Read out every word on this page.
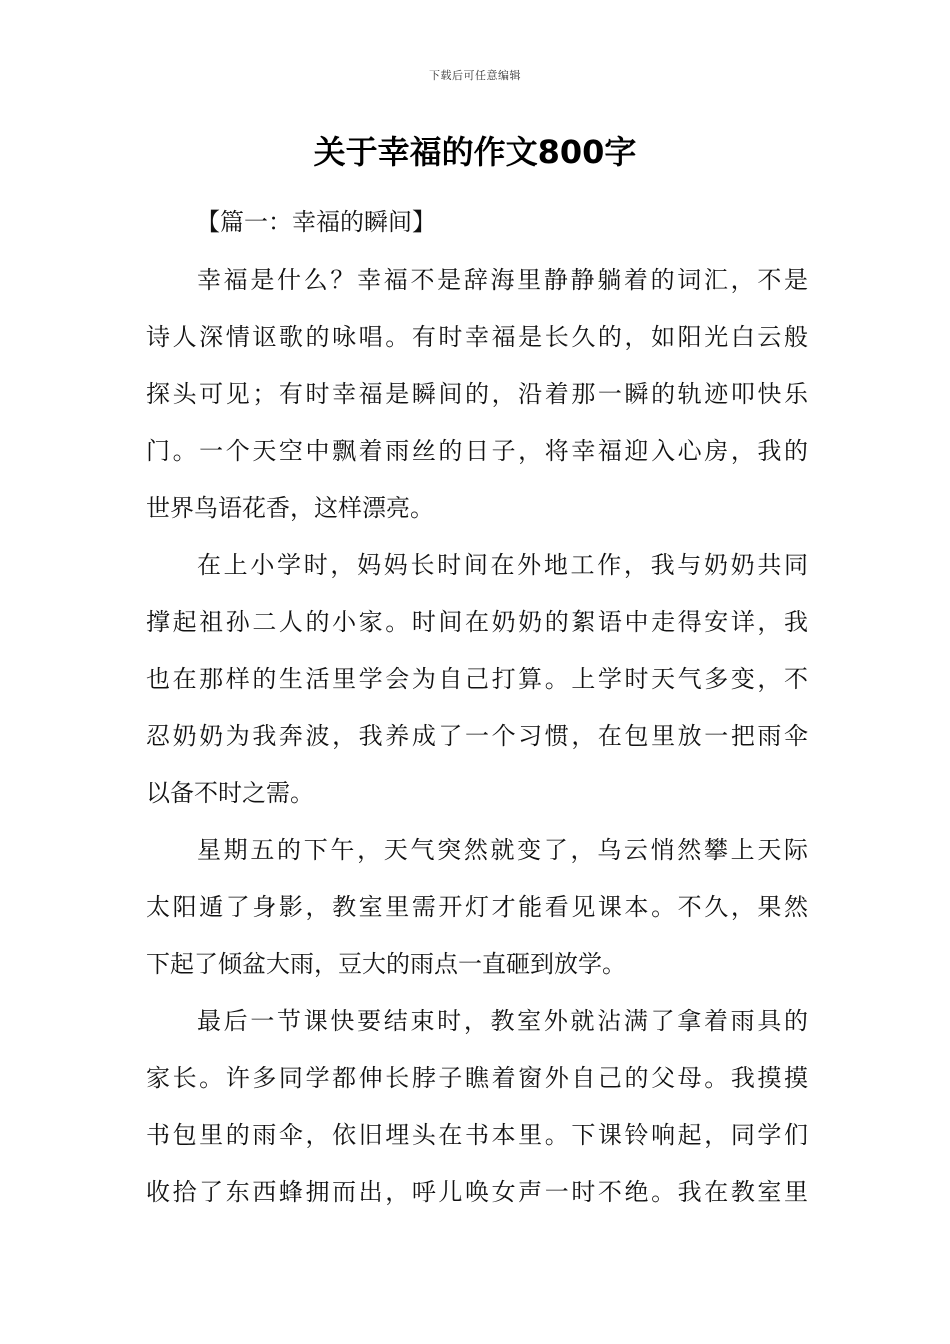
下载后可任意编辑
关于幸福的作文800字
【篇一：幸福的瞬间】
幸福是什么？幸福不是辞海里静静躺着的词汇，不是
诗人深情讴歌的咏唱。有时幸福是长久的，如阳光白云般
探头可见；有时幸福是瞬间的，沿着那一瞬的轨迹叩快乐
门。一个天空中飘着雨丝的日子，将幸福迎入心房，我的
世界鸟语花香，这样漂亮。
在上小学时，妈妈长时间在外地工作，我与奶奶共同
撑起祖孙二人的小家。时间在奶奶的絮语中走得安详，我
也在那样的生活里学会为自己打算。上学时天气多变，不
忍奶奶为我奔波，我养成了一个习惯，在包里放一把雨伞
以备不时之需。
星期五的下午，天气突然就变了，乌云悄然攀上天际
太阳遁了身影，教室里需开灯才能看见课本。不久，果然
下起了倾盆大雨，豆大的雨点一直砸到放学。
最后一节课快要结束时，教室外就沾满了拿着雨具的
家长。许多同学都伸长脖子瞧着窗外自己的父母。我摸摸
书包里的雨伞，依旧埋头在书本里。下课铃响起，同学们
收拾了东西蜂拥而出，呼儿唤女声一时不绝。我在教室里
